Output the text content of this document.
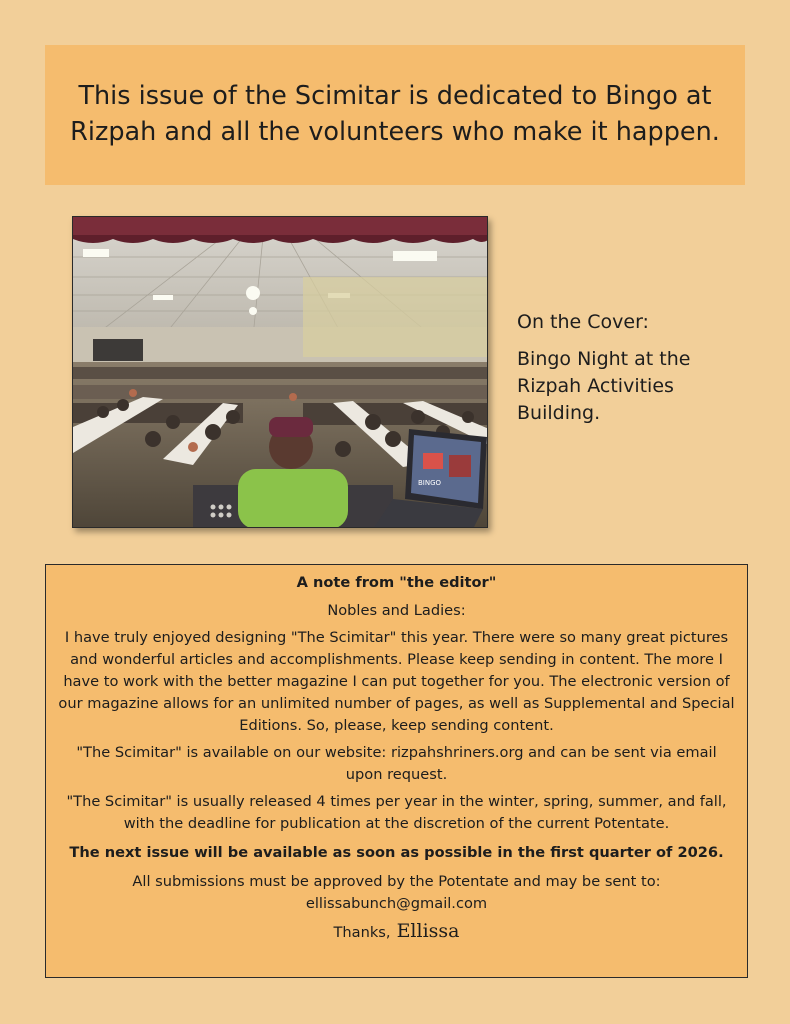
This issue of the Scimitar is dedicated to Bingo at Rizpah and all the volunteers who make it happen.

BINGO

On the Cover:

Bingo Night at the Rizpah Activities Building.

A note from "the editor"

Nobles and Ladies:

I have truly enjoyed designing "The Scimitar" this year. There were so many great pictures and wonderful articles and accomplishments. Please keep sending in content. The more I have to work with the better magazine I can put together for you. The electronic version of our magazine allows for an unlimited number of pages, as well as Supplemental and Special Editions. So, please, keep sending content.

"The Scimitar" is available on our website: rizpahshriners.org and can be sent via email upon request.

"The Scimitar" is usually released 4 times per year in the winter, spring, summer, and fall, with the deadline for publication at the discretion of the current Potentate.

The next issue will be available as soon as possible in the first quarter of 2026.

All submissions must be approved by the Potentate and may be sent to:

ellissabunch@gmail.com

Thanks, Ellissa
